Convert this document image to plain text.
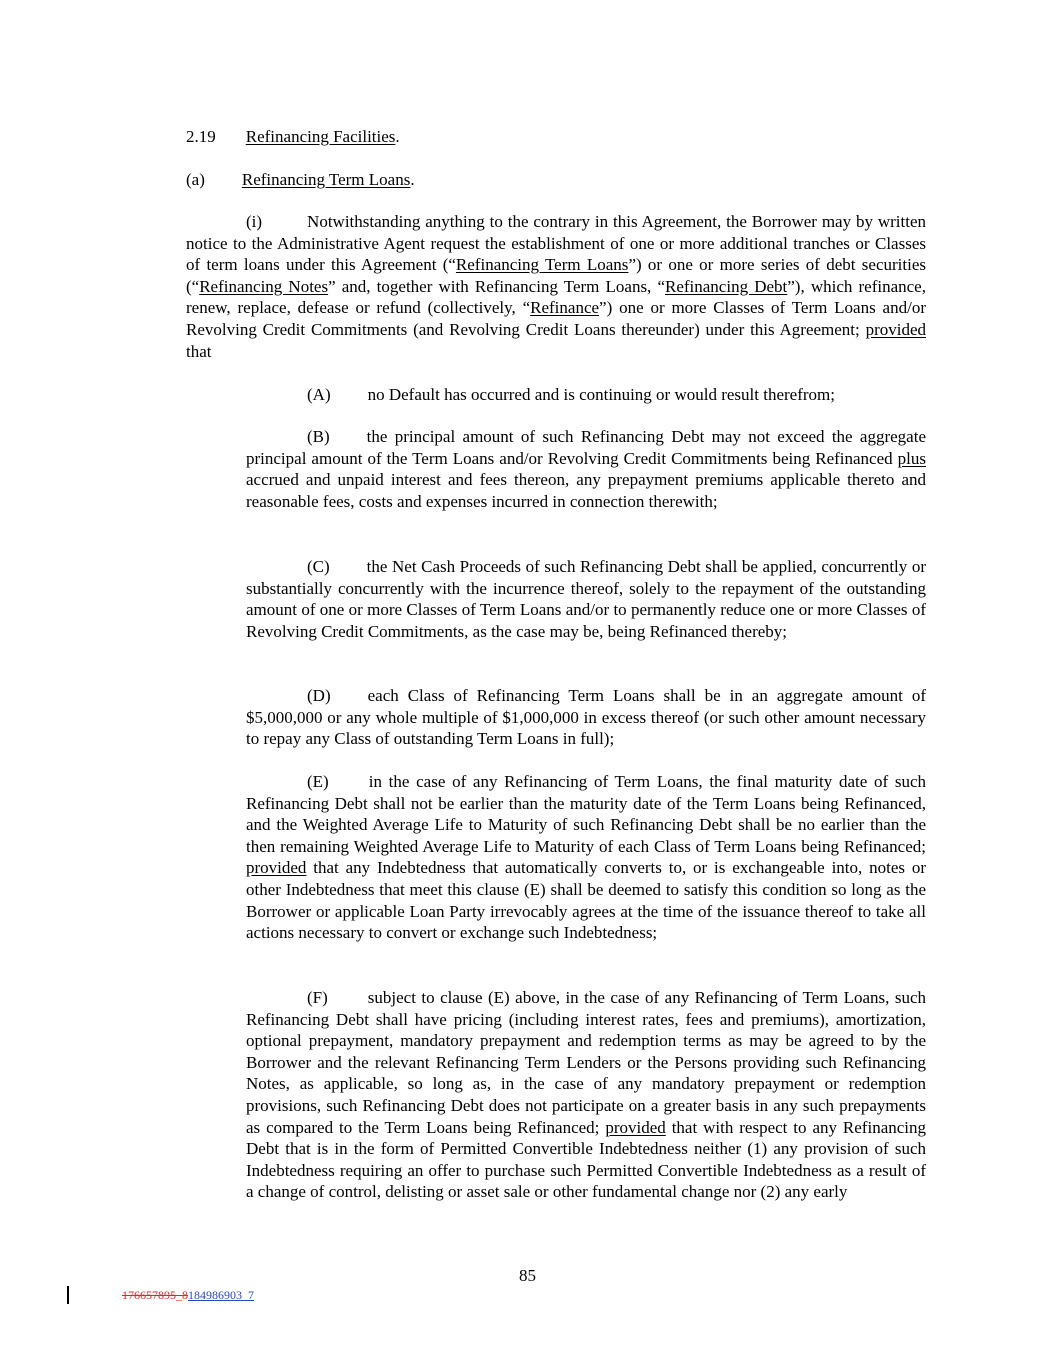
2.19 Refinancing Facilities.
(a) Refinancing Term Loans.
(i)	Notwithstanding anything to the contrary in this Agreement, the Borrower may by written notice to the Administrative Agent request the establishment of one or more additional tranches or Classes of term loans under this Agreement (“Refinancing Term Loans”) or one or more series of debt securities (“Refinancing Notes” and, together with Refinancing Term Loans, “Refinancing Debt”), which refinance, renew, replace, defease or refund (collectively, “Refinance”) one or more Classes of Term Loans and/or Revolving Credit Commitments (and Revolving Credit Loans thereunder) under this Agreement; provided that
(A) no Default has occurred and is continuing or would result therefrom;
(B) the principal amount of such Refinancing Debt may not exceed the aggregate principal amount of the Term Loans and/or Revolving Credit Commitments being Refinanced plus accrued and unpaid interest and fees thereon, any prepayment premiums applicable thereto and reasonable fees, costs and expenses incurred in connection therewith;
(C) the Net Cash Proceeds of such Refinancing Debt shall be applied, concurrently or substantially concurrently with the incurrence thereof, solely to the repayment of the outstanding amount of one or more Classes of Term Loans and/or to permanently reduce one or more Classes of Revolving Credit Commitments, as the case may be, being Refinanced thereby;
(D) each Class of Refinancing Term Loans shall be in an aggregate amount of $5,000,000 or any whole multiple of $1,000,000 in excess thereof (or such other amount necessary to repay any Class of outstanding Term Loans in full);
(E) in the case of any Refinancing of Term Loans, the final maturity date of such Refinancing Debt shall not be earlier than the maturity date of the Term Loans being Refinanced, and the Weighted Average Life to Maturity of such Refinancing Debt shall be no earlier than the then remaining Weighted Average Life to Maturity of each Class of Term Loans being Refinanced; provided that any Indebtedness that automatically converts to, or is exchangeable into, notes or other Indebtedness that meet this clause (E) shall be deemed to satisfy this condition so long as the Borrower or applicable Loan Party irrevocably agrees at the time of the issuance thereof to take all actions necessary to convert or exchange such Indebtedness;
(F) subject to clause (E) above, in the case of any Refinancing of Term Loans, such Refinancing Debt shall have pricing (including interest rates, fees and premiums), amortization, optional prepayment, mandatory prepayment and redemption terms as may be agreed to by the Borrower and the relevant Refinancing Term Lenders or the Persons providing such Refinancing Notes, as applicable, so long as, in the case of any mandatory prepayment or redemption provisions, such Refinancing Debt does not participate on a greater basis in any such prepayments as compared to the Term Loans being Refinanced; provided that with respect to any Refinancing Debt that is in the form of Permitted Convertible Indebtedness neither (1) any provision of such Indebtedness requiring an offer to purchase such Permitted Convertible Indebtedness as a result of a change of control, delisting or asset sale or other fundamental change nor (2) any early
85
176657895_8184986903_7
